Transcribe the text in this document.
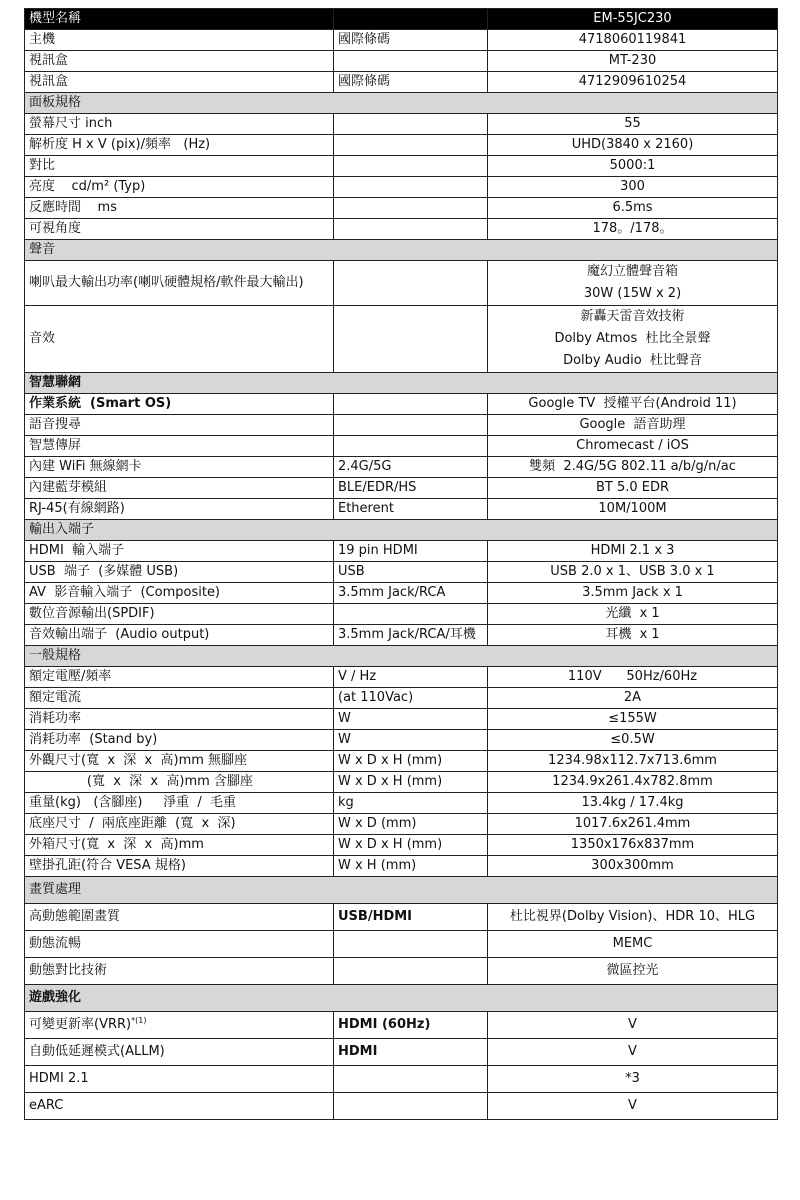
機型名稱		EM-55JC230
主機	國際條碼	4718060119841

視訊盒		MT-230

視訊盒	國際條碼	4712909610254

面板規格		
螢幕尺寸 inch		55

解析度 H x V (pix)/頻率   (Hz)		UHD(3840 x 2160)

對比		5000:1

亮度    cd/m² (Typ)		300

反應時間    ms		6.5ms

可視角度		178。/178。

聲音		
喇叭最大輸出功率(喇叭硬體規格/軟件最大輸出)		魔幻立體聲音箱
30W (15W x 2)

音效		新轟天雷音效技術
Dolby Atmos  杜比全景聲
Dolby Audio  杜比聲音

智慧聯網		
作業系統  (Smart OS)		Google TV  授權平台(Android 11)

語音搜尋		Google  語音助理

智慧傳屏		Chromecast / iOS

內建 WiFi 無線網卡	2.4G/5G	雙頻  2.4G/5G 802.11 a/b/g/n/ac

內建藍芽模組	BLE/EDR/HS	BT 5.0 EDR

RJ-45(有線網路)	Etherent	10M/100M

輸出入端子		
HDMI  輸入端子	19 pin HDMI	HDMI 2.1 x 3

USB  端子  (多媒體 USB)	USB	USB 2.0 x 1、USB 3.0 x 1

AV  影音輸入端子  (Composite)	3.5mm Jack/RCA	3.5mm Jack x 1

數位音源輸出(SPDIF)		光纖  x 1

音效輸出端子  (Audio output)	3.5mm Jack/RCA/耳機	耳機  x 1

一般規格		
額定電壓/頻率	V / Hz	110V      50Hz/60Hz

額定電流	(at 110Vac)	2A

消耗功率	W	≤155W

消耗功率  (Stand by)	W	≤0.5W

外觀尺寸(寬  x  深  x  高)mm 無腳座	W x D x H (mm)	1234.98x112.7x713.6mm

(寬  x  深  x  高)mm 含腳座	W x D x H (mm)	1234.9x261.4x782.8mm

重量(kg)   (含腳座)     淨重  /  毛重	kg	13.4kg / 17.4kg

底座尺寸  /  兩底座距離  (寬  x  深)	W x D (mm)	1017.6x261.4mm

外箱尺寸(寬  x  深  x  高)mm	W x D x H (mm)	1350x176x837mm

壁掛孔距(符合 VESA 規格)	W x H (mm)	300x300mm

畫質處理		
高動態範圍畫質	USB/HDMI	杜比視界(Dolby Vision)、HDR 10、HLG

動態流暢		MEMC

動態對比技術		微區控光

遊戲強化		
可變更新率(VRR)$^{*(1)}$	HDMI (60Hz)	V

自動低延遲模式(ALLM)	HDMI	V

HDMI 2.1		*3

eARC		V
